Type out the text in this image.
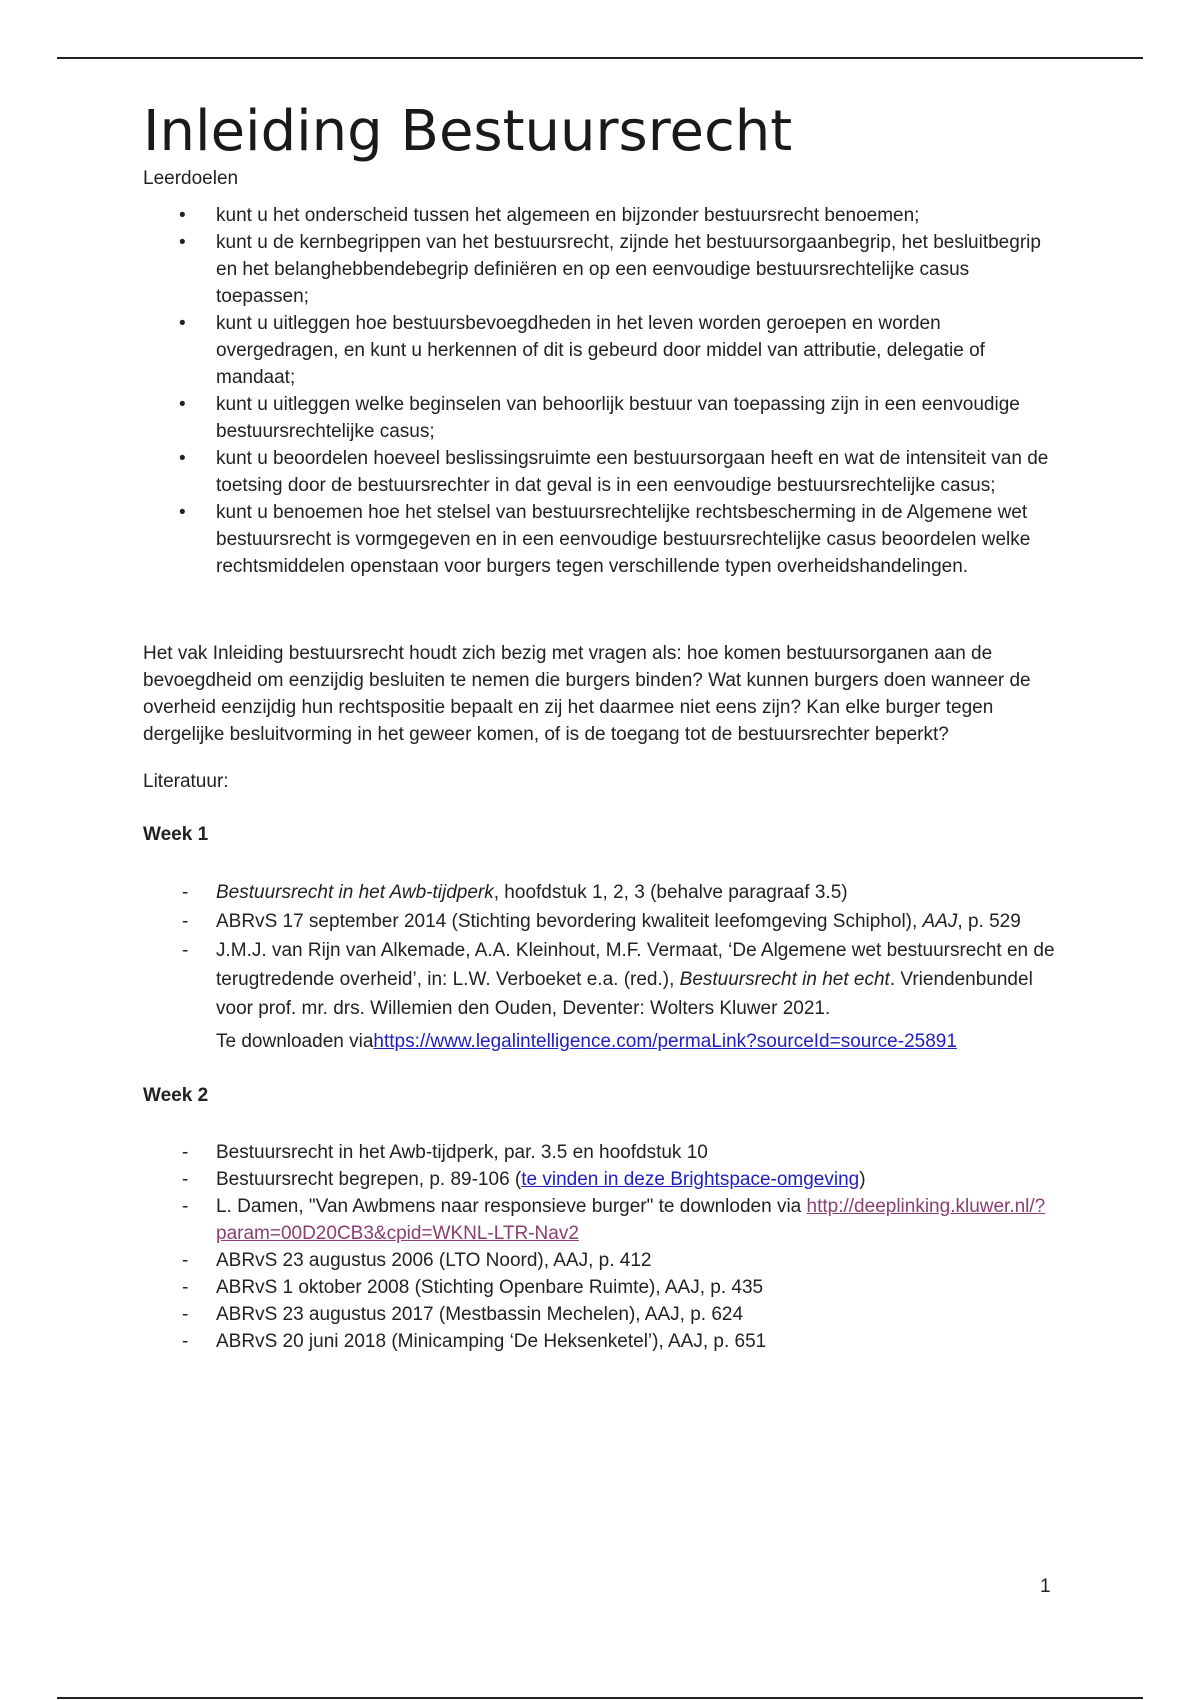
Inleiding Bestuursrecht
Leerdoelen
• kunt u het onderscheid tussen het algemeen en bijzonder bestuursrecht benoemen;
• kunt u de kernbegrippen van het bestuursrecht, zijnde het bestuursorgaanbegrip, het besluitbegrip en het belanghebbendebegrip definiëren en op een eenvoudige bestuursrechtelijke casus toepassen;
• kunt u uitleggen hoe bestuursbevoegdheden in het leven worden geroepen en worden overgedragen, en kunt u herkennen of dit is gebeurd door middel van attributie, delegatie of mandaat;
• kunt u uitleggen welke beginselen van behoorlijk bestuur van toepassing zijn in een eenvoudige bestuursrechtelijke casus;
• kunt u beoordelen hoeveel beslissingsruimte een bestuursorgaan heeft en wat de intensiteit van de toetsing door de bestuursrechter in dat geval is in een eenvoudige bestuursrechtelijke casus;
• kunt u benoemen hoe het stelsel van bestuursrechtelijke rechtsbescherming in de Algemene wet bestuursrecht is vormgegeven en in een eenvoudige bestuursrechtelijke casus beoordelen welke rechtsmiddelen openstaan voor burgers tegen verschillende typen overheidshandelingen.

Het vak Inleiding bestuursrecht houdt zich bezig met vragen als: hoe komen bestuursorganen aan de bevoegdheid om eenzijdig besluiten te nemen die burgers binden? Wat kunnen burgers doen wanneer de overheid eenzijdig hun rechtspositie bepaalt en zij het daarmee niet eens zijn? Kan elke burger tegen dergelijke besluitvorming in het geweer komen, of is de toegang tot de bestuursrechter beperkt?

Literatuur:

Week 1
- Bestuursrecht in het Awb-tijdperk, hoofdstuk 1, 2, 3 (behalve paragraaf 3.5)
- ABRvS 17 september 2014 (Stichting bevordering kwaliteit leefomgeving Schiphol), AAJ, p. 529
- J.M.J. van Rijn van Alkemade, A.A. Kleinhout, M.F. Vermaat, ‘De Algemene wet bestuursrecht en de terugtredende overheid’, in: L.W. Verboeket e.a. (red.), Bestuursrecht in het echt. Vriendenbundel voor prof. mr. drs. Willemien den Ouden, Deventer: Wolters Kluwer 2021.
Te downloaden viahttps://www.legalintelligence.com/permaLink?sourceId=source-25891
Week 2
- Bestuursrecht in het Awb-tijdperk, par. 3.5 en hoofdstuk 10
- Bestuursrecht begrepen, p. 89-106 (te vinden in deze Brightspace-omgeving)
- L. Damen, "Van Awbmens naar responsieve burger" te downloden via http://deeplinking.kluwer.nl/?param=00D20CB3&cpid=WKNL-LTR-Nav2
- ABRvS 23 augustus 2006 (LTO Noord), AAJ, p. 412
- ABRvS 1 oktober 2008 (Stichting Openbare Ruimte), AAJ, p. 435
- ABRvS 23 augustus 2017 (Mestbassin Mechelen), AAJ, p. 624
- ABRvS 20 juni 2018 (Minicamping ‘De Heksenketel’), AAJ, p. 651
1
